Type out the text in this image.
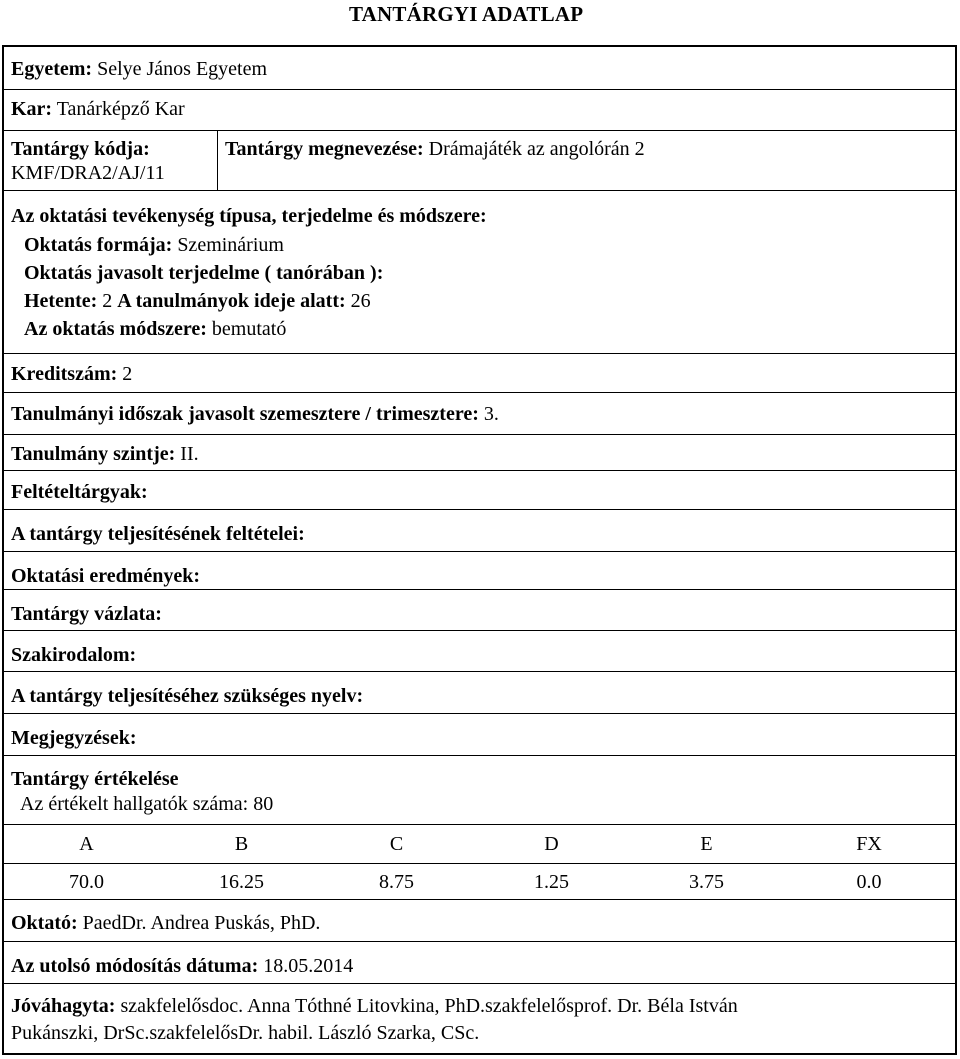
TANTÁRGYI ADATLAP
Egyetem: Selye János Egyetem
Kar: Tanárképző Kar
Tantárgy kódja:
KMF/DRA2/AJ/11
Tantárgy megnevezése: Drámajáték az angolórán 2
Az oktatási tevékenység típusa, terjedelme és módszere:
Oktatás formája: Szeminárium
Oktatás javasolt terjedelme ( tanórában ):
Hetente: 2 A tanulmányok ideje alatt: 26
Az oktatás módszere: bemutató
Kreditszám: 2
Tanulmányi időszak javasolt szemesztere / trimesztere: 3.
Tanulmány szintje: II.
Feltételtárgyak:
A tantárgy teljesítésének feltételei:
Oktatási eredmények:
Tantárgy vázlata:
Szakirodalom:
A tantárgy teljesítéséhez szükséges nyelv:
Megjegyzések:
Tantárgy értékelése
Az értékelt hallgatók száma: 80
A	B	C	D	E	FX
70.0	16.25	8.75	1.25	3.75	0.0
Oktató: PaedDr. Andrea Puskás, PhD.
Az utolsó módosítás dátuma: 18.05.2014
Jóváhagyta: szakfelelősdoc. Anna Tóthné Litovkina, PhD.szakfelelősprof. Dr. Béla István
Pukánszki, DrSc.szakfelelősDr. habil. László Szarka, CSc.
